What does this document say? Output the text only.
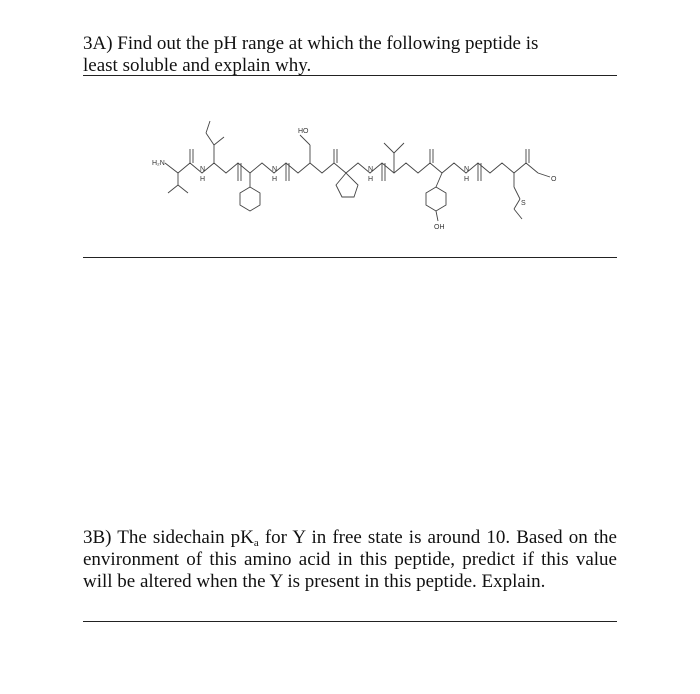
3A) Find out the pH range at which the following peptide is
least soluble and explain why.
H₂N
HO
OH
N
H
N
H
N
H
N
H	O
S
3B) The sidechain $pK_a$ for Y in free state is around 10. Based on the environment of this amino acid in this peptide, predict if this value will be altered when the Y is present in this peptide. Explain.
